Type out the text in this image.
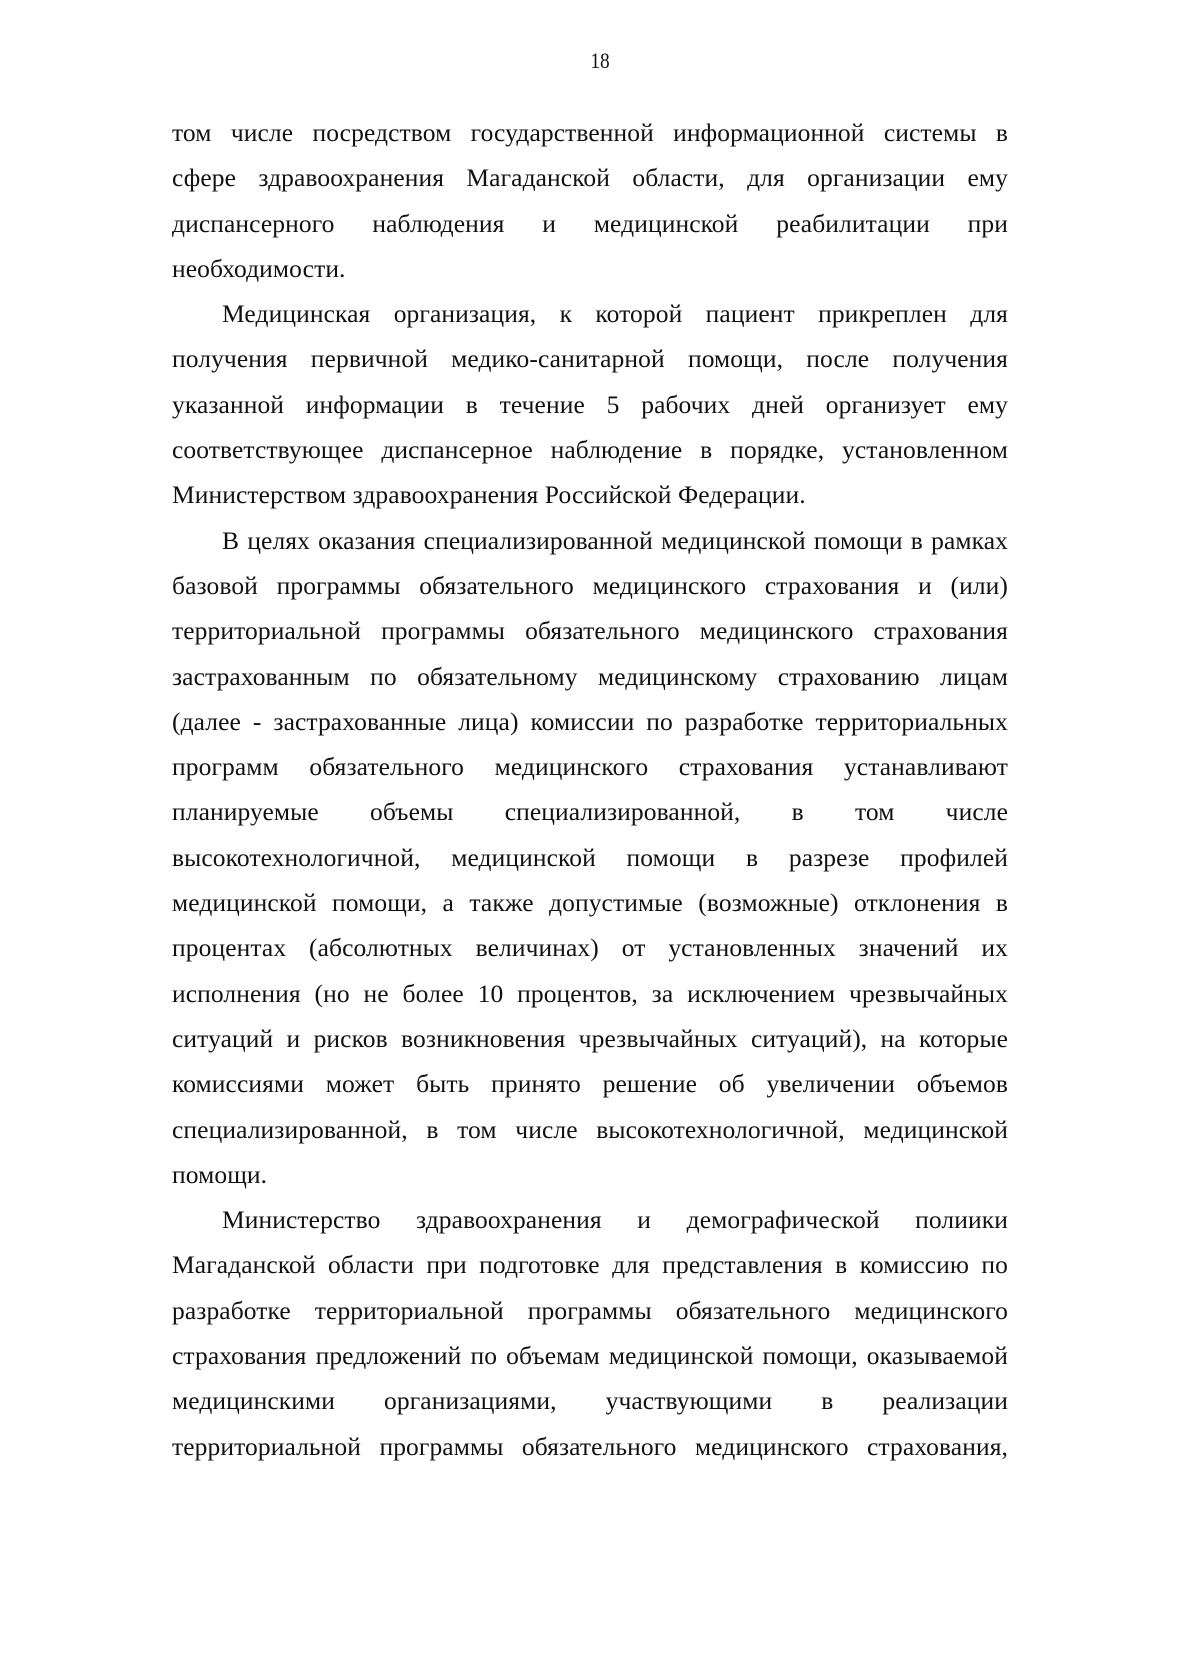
18
том числе посредством государственной информационной системы в
сфере здравоохранения Магаданской области, для организации ему
диспансерного наблюдения и медицинской реабилитации при
необходимости.
Медицинская организация, к которой пациент прикреплен для
получения первичной медико-санитарной помощи, после получения
указанной информации в течение 5 рабочих дней организует ему
соответствующее диспансерное наблюдение в порядке, установленном
Министерством здравоохранения Российской Федерации.
В целях оказания специализированной медицинской помощи в рамках
базовой программы обязательного медицинского страхования и (или)
территориальной программы обязательного медицинского страхования
застрахованным по обязательному медицинскому страхованию лицам
(далее - застрахованные лица) комиссии по разработке территориальных
программ обязательного медицинского страхования устанавливают
планируемые объемы специализированной, в том числе
высокотехнологичной, медицинской помощи в разрезе профилей
медицинской помощи, а также допустимые (возможные) отклонения в
процентах (абсолютных величинах) от установленных значений их
исполнения (но не более 10 процентов, за исключением чрезвычайных
ситуаций и рисков возникновения чрезвычайных ситуаций), на которые
комиссиями может быть принято решение об увеличении объемов
специализированной, в том числе высокотехнологичной, медицинской
помощи.
Министерство здравоохранения и демографической полиики
Магаданской области при подготовке для представления в комиссию по
разработке территориальной программы обязательного медицинского
страхования предложений по объемам медицинской помощи, оказываемой
медицинскими организациями, участвующими в реализации
территориальной программы обязательного медицинского страхования,
